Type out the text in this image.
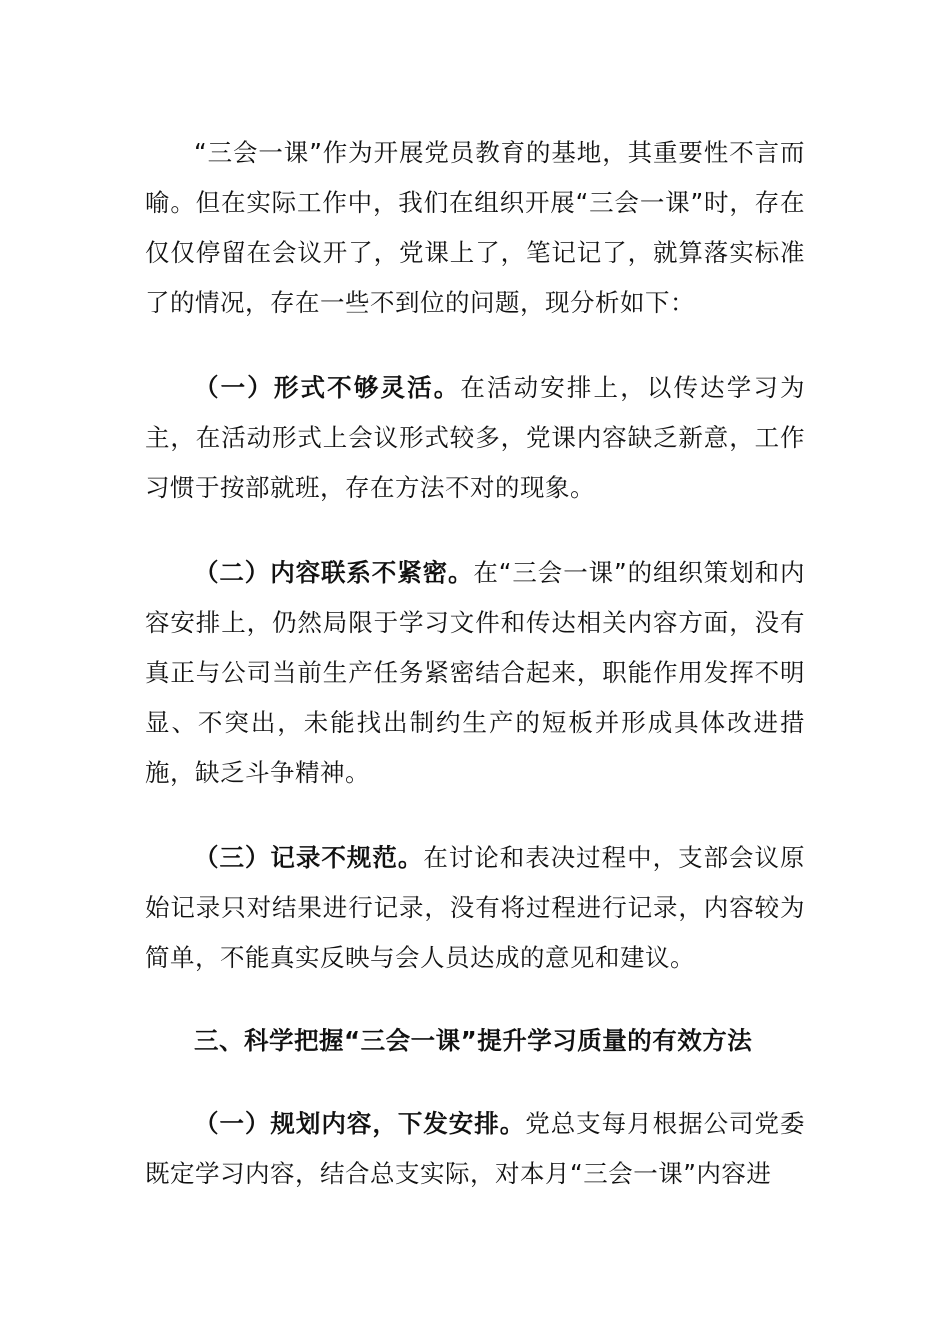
“三会一课”作为开展党员教育的基地，其重要性不言而喻。但在实际工作中，我们在组织开展“三会一课”时，存在仅仅停留在会议开了，党课上了，笔记记了，就算落实标准了的情况，存在一些不到位的问题，现分析如下：

（一）形式不够灵活。在活动安排上，以传达学习为主，在活动形式上会议形式较多，党课内容缺乏新意，工作习惯于按部就班，存在方法不对的现象。

（二）内容联系不紧密。在“三会一课”的组织策划和内容安排上，仍然局限于学习文件和传达相关内容方面，没有真正与公司当前生产任务紧密结合起来，职能作用发挥不明显、不突出，未能找出制约生产的短板并形成具体改进措施，缺乏斗争精神。

（三）记录不规范。在讨论和表决过程中，支部会议原始记录只对结果进行记录，没有将过程进行记录，内容较为简单，不能真实反映与会人员达成的意见和建议。

三、科学把握“三会一课”提升学习质量的有效方法

（一）规划内容，下发安排。党总支每月根据公司党委既定学习内容，结合总支实际，对本月“三会一课”内容进
